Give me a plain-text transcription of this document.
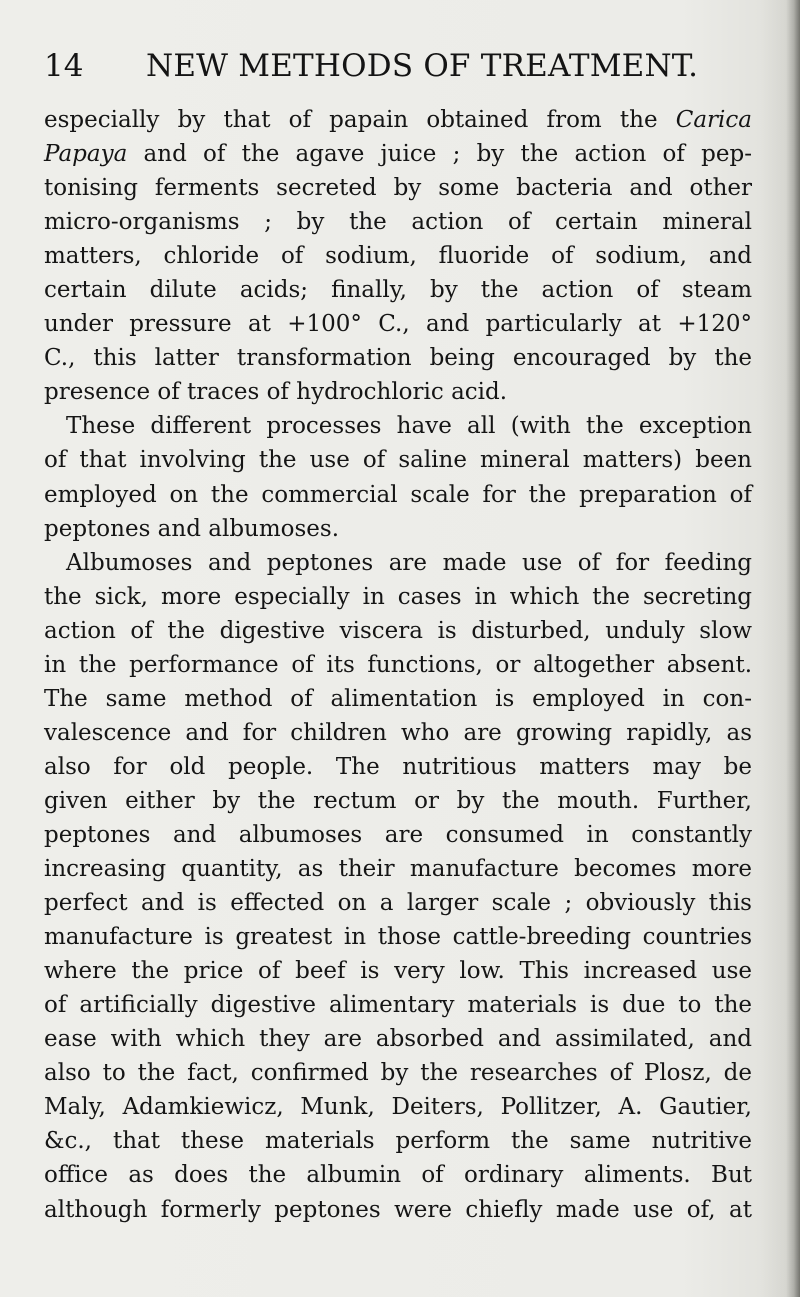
14 NEW METHODS OF TREATMENT.
especially by that of papain obtained from the Carica
Papaya and of the agave juice ; by the action of pep-
tonising ferments secreted by some bacteria and other
micro-organisms ; by the action of certain mineral
matters, chloride of sodium, fluoride of sodium, and
certain dilute acids; finally, by the action of steam
under pressure at +100° C., and particularly at +120°
C., this latter transformation being encouraged by the
presence of traces of hydrochloric acid.
These different processes have all (with the exception
of that involving the use of saline mineral matters) been
employed on the commercial scale for the preparation of
peptones and albumoses.
Albumoses and peptones are made use of for feeding
the sick, more especially in cases in which the secreting
action of the digestive viscera is disturbed, unduly slow
in the performance of its functions, or altogether absent.
The same method of alimentation is employed in con-
valescence and for children who are growing rapidly, as
also for old people. The nutritious matters may be
given either by the rectum or by the mouth. Further,
peptones and albumoses are consumed in constantly
increasing quantity, as their manufacture becomes more
perfect and is effected on a larger scale ; obviously this
manufacture is greatest in those cattle-breeding countries
where the price of beef is very low. This increased use
of artificially digestive alimentary materials is due to the
ease with which they are absorbed and assimilated, and
also to the fact, confirmed by the researches of Plosz, de
Maly, Adamkiewicz, Munk, Deiters, Pollitzer, A. Gautier,
&c., that these materials perform the same nutritive
office as does the albumin of ordinary aliments. But
although formerly peptones were chiefly made use of, at
